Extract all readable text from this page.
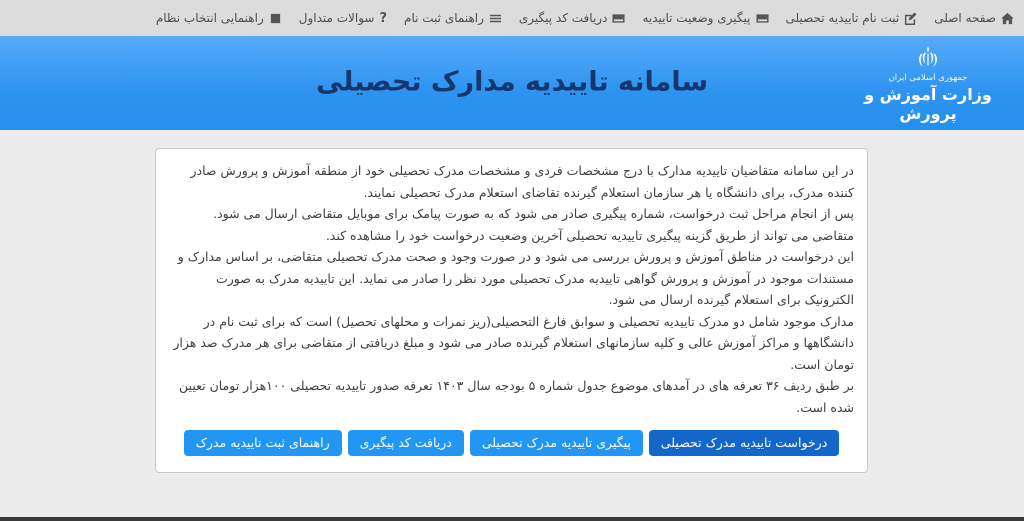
صفحه اصلی
ثبت نام تاییدیه تحصیلی
پیگیری وضعیت تاییدیه
دریافت کد پیگیری
راهنمای ثبت نام
?
سوالات متداول
راهنمایی انتخاب نظام
سامانه تاییدیه مدارک تحصیلی	جمهوری اسلامی ایران
وزارت آموزش و پرورش

در این سامانه متقاضیان تاییدیه مدارک با درج مشخصات فردی و مشخصات مدرک تحصیلی خود از منطقه آموزش و پرورش صادر کننده مدرک، برای دانشگاه یا هر سازمان استعلام گیرنده تقاضای استعلام مدرک تحصیلی نمایند.

پس از انجام مراحل ثبت درخواست، شماره پیگیری صادر می شود که به صورت پیامک برای موبایل متقاضی ارسال می شود. متقاضی می تواند از طریق گزینه پیگیری تاییدیه تحصیلی آخرین وضعیت درخواست خود را مشاهده کند.

این درخواست در مناطق آموزش و پرورش بررسی می شود و در صورت وجود و صحت مدرک تحصیلی متقاضی، بر اساس مدارک و مستندات موجود در آموزش و پرورش گواهی تاییدیه مدرک تحصیلی مورد نظر را صادر می نماید. این تاییدیه مدرک به صورت الکترونیک برای استعلام گیرنده ارسال می شود.

مدارک موجود شامل دو مدرک تاییدیه تحصیلی و سوابق فارغ التحصیلی(ریز نمرات و محلهای تحصیل) است که برای ثبت نام در دانشگاهها و مراکز آموزش عالی و کلیه سازمانهای استعلام گیرنده صادر می شود و مبلغ دریافتی از متقاضی برای هر مدرک صد هزار تومان است.

بر طبق ردیف ۳۶ تعرفه های در آمدهای موضوع جدول شماره ۵ بودجه سال ۱۴۰۳ تعرفه صدور تاییدیه تحصیلی ۱۰۰هزار تومان تعیین شده است.

درخواست تاییدیه مدرک تحصیلی
پیگیری تاییدیه مدرک تحصیلی
دریافت کد پیگیری
راهنمای ثبت تاییدیه مدرک
